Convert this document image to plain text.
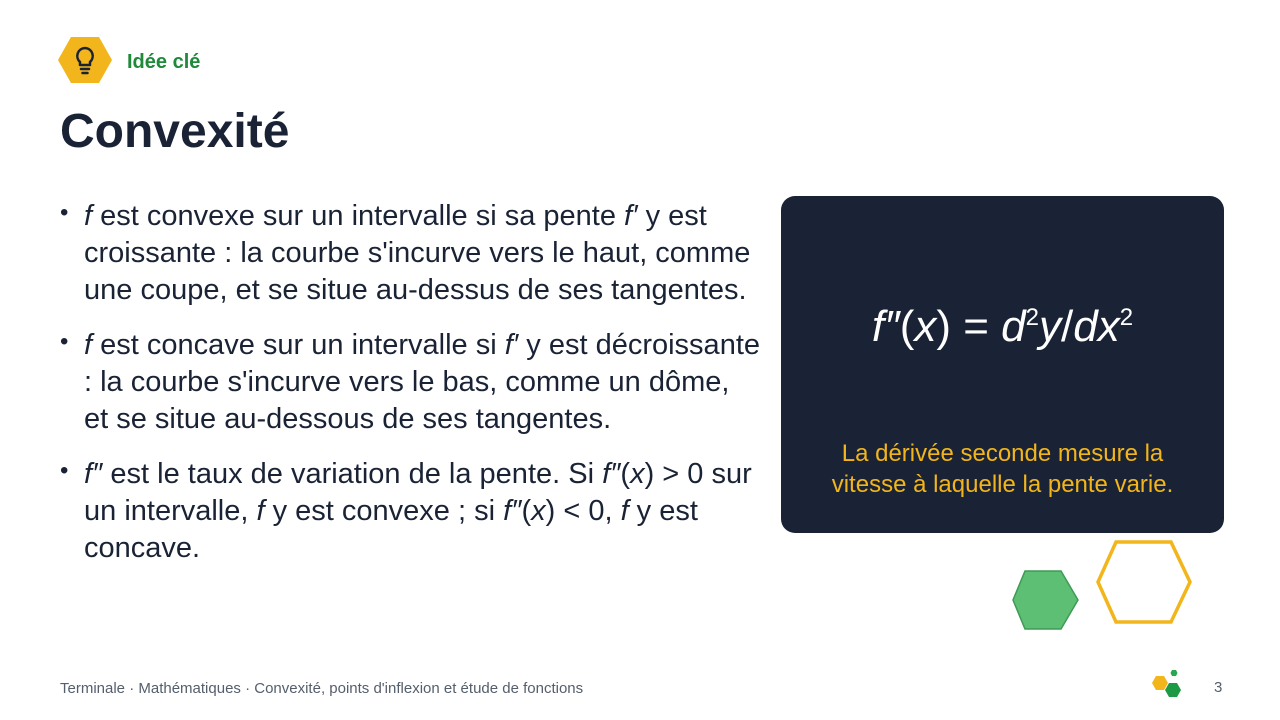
Idée clé
Convexité
• f est convexe sur un intervalle si sa pente f′ y est croissante : la courbe s'incurve vers le haut, comme une coupe, et se situe au-dessus de ses tangentes.
• f est concave sur un intervalle si f′ y est décroissante : la courbe s'incurve vers le bas, comme un dôme, et se situe au-dessous de ses tangentes.
• f″ est le taux de variation de la pente. Si f″(x) > 0 sur un intervalle, f y est convexe ; si f″(x) < 0, f y est concave.
$f''(x) = d^2y/dx^2$
La dérivée seconde mesure la vitesse à laquelle la pente varie.
Terminale · Mathématiques · Convexité, points d'inflexion et étude de fonctions	3
